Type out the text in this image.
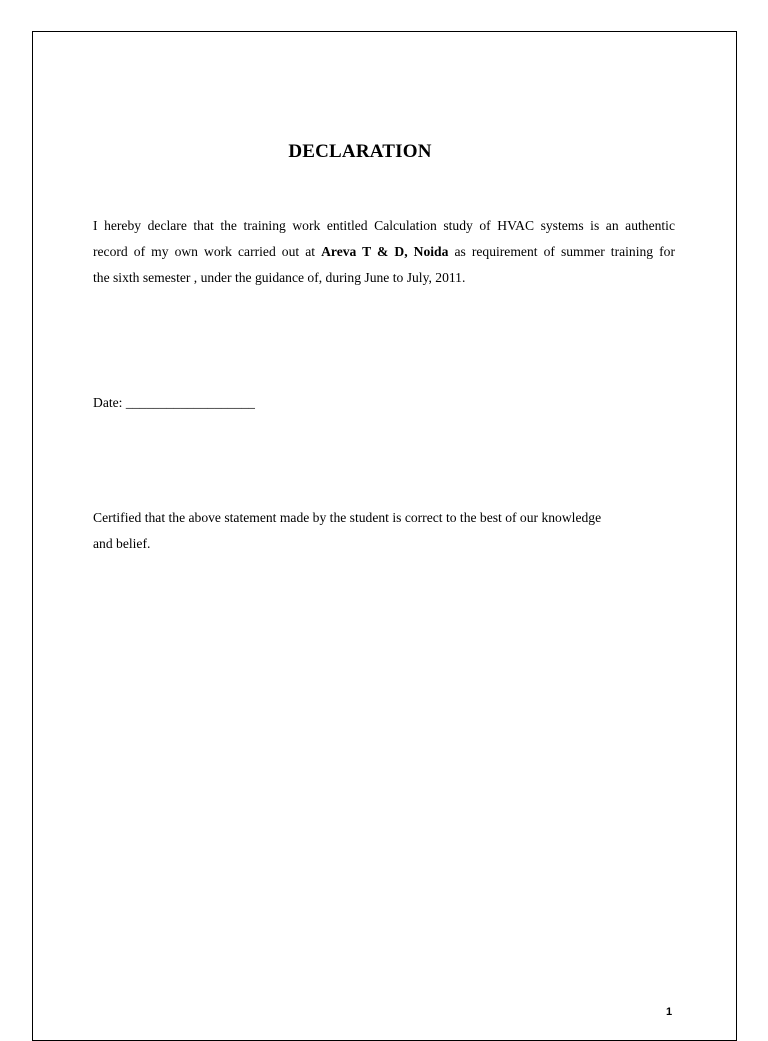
DECLARATION
I hereby declare that the training work entitled Calculation study of HVAC systems is an authentic
record of my own work carried out at Areva T & D, Noida as requirement of summer training for
the sixth semester , under the guidance of, during June to July, 2011.
Date: ___________________
Certified that the above statement made by the student is correct to the best of our knowledge
and belief.
1
